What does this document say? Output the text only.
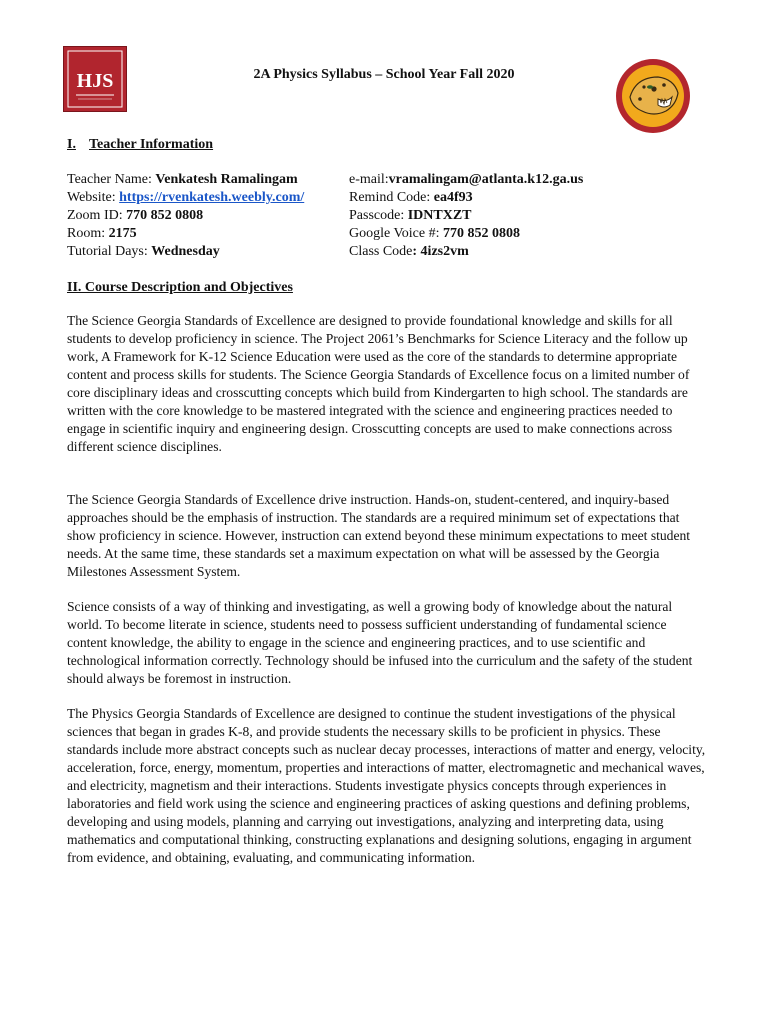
HJS	2A Physics Syllabus – School Year Fall 2020
I. Teacher Information
Teacher Name: Venkatesh Ramalingam
Website: https://rvenkatesh.weebly.com/
Zoom ID: 770 852 0808
Room: 2175
Tutorial Days: Wednesday
e-mail:vramalingam@atlanta.k12.ga.us
Remind Code: ea4f93
Passcode: IDNTXZT
Google Voice #: 770 852 0808
Class Code: 4izs2vm
II. Course Description and Objectives
The Science Georgia Standards of Excellence are designed to provide foundational knowledge and skills for all students to develop proficiency in science. The Project 2061’s Benchmarks for Science Literacy and the follow up work, A Framework for K-12 Science Education were used as the core of the standards to determine appropriate content and process skills for students. The Science Georgia Standards of Excellence focus on a limited number of core disciplinary ideas and crosscutting concepts which build from Kindergarten to high school. The standards are written with the core knowledge to be mastered integrated with the science and engineering practices needed to engage in scientific inquiry and engineering design. Crosscutting concepts are used to make connections across different science disciplines.
The Science Georgia Standards of Excellence drive instruction. Hands-on, student-centered, and inquiry-based approaches should be the emphasis of instruction. The standards are a required minimum set of expectations that show proficiency in science. However, instruction can extend beyond these minimum expectations to meet student needs. At the same time, these standards set a maximum expectation on what will be assessed by the Georgia Milestones Assessment System.
Science consists of a way of thinking and investigating, as well a growing body of knowledge about the natural world. To become literate in science, students need to possess sufficient understanding of fundamental science content knowledge, the ability to engage in the science and engineering practices, and to use scientific and technological information correctly. Technology should be infused into the curriculum and the safety of the student should always be foremost in instruction.
The Physics Georgia Standards of Excellence are designed to continue the student investigations of the physical sciences that began in grades K-8, and provide students the necessary skills to be proficient in physics. These standards include more abstract concepts such as nuclear decay processes, interactions of matter and energy, velocity, acceleration, force, energy, momentum, properties and interactions of matter, electromagnetic and mechanical waves, and electricity, magnetism and their interactions. Students investigate physics concepts through experiences in laboratories and field work using the science and engineering practices of asking questions and defining problems, developing and using models, planning and carrying out investigations, analyzing and interpreting data, using mathematics and computational thinking, constructing explanations and designing solutions, engaging in argument from evidence, and obtaining, evaluating, and communicating information.
